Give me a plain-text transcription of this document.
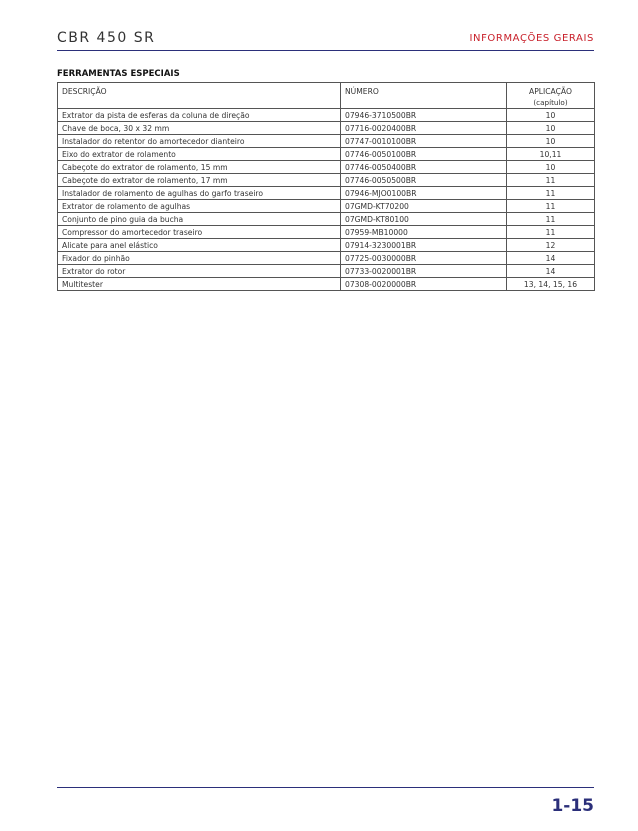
CBR 450 SR	INFORMAÇÕES GERAIS
FERRAMENTAS ESPECIAIS
DESCRIÇÃO	NÚMERO	APLICAÇÃO
(capítulo)

Extrator da pista de esferas da coluna de direção	07946-3710500BR	10
Chave de boca, 30 x 32 mm	07716-0020400BR	10
Instalador do retentor do amortecedor dianteiro	07747-0010100BR	10
Eixo do extrator de rolamento	07746-0050100BR	10,11
Cabeçote do extrator de rolamento, 15 mm	07746-0050400BR	10
Cabeçote do extrator de rolamento, 17 mm	07746-0050500BR	11
Instalador de rolamento de agulhas do garfo traseiro	07946-MJO0100BR	11
Extrator de rolamento de agulhas	07GMD-KT70200	11
Conjunto de pino guia da bucha	07GMD-KT80100	11
Compressor do amortecedor traseiro	07959-MB10000	11
Alicate para anel elástico	07914-3230001BR	12
Fixador do pinhão	07725-0030000BR	14
Extrator do rotor	07733-0020001BR	14
Multitester	07308-0020000BR	13, 14, 15, 16
1-15
